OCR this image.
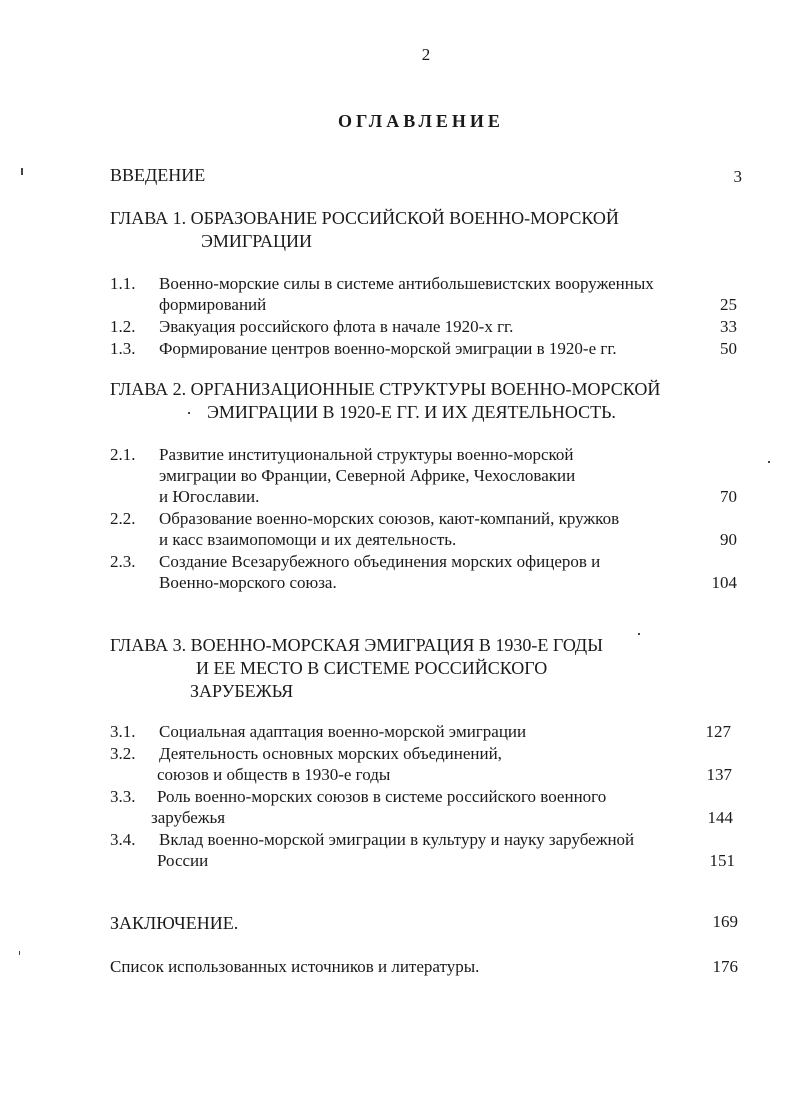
2
ОГЛАВЛЕНИЕ
ВВЕДЕНИЕ	3
ГЛАВА 1. ОБРАЗОВАНИЕ РОССИЙСКОЙ ВОЕННО-МОРСКОЙ
ЭМИГРАЦИИ
1.1.	Военно-морские силы в системе антибольшевистских вооруженных
формирований	25
1.2.	Эвакуация российского флота в начале 1920-х гг.	33
1.3.	Формирование центров военно-морской эмиграции в 1920-е гг.	50
ГЛАВА 2. ОРГАНИЗАЦИОННЫЕ СТРУКТУРЫ ВОЕННО-МОРСКОЙ
ЭМИГРАЦИИ В 1920-Е ГГ. И ИХ ДЕЯТЕЛЬНОСТЬ.
2.1.	Развитие институциональной структуры военно-морской
эмиграции во Франции, Северной Африке, Чехословакии
и Югославии.	70
2.2.	Образование военно-морских союзов, кают-компаний, кружков
и касс взаимопомощи и их деятельность.	90
2.3.	Создание Всезарубежного объединения морских офицеров и
Военно-морского союза.	104
ГЛАВА 3. ВОЕННО-МОРСКАЯ ЭМИГРАЦИЯ В 1930-Е ГОДЫ
И ЕЕ МЕСТО В СИСТЕМЕ РОССИЙСКОГО
ЗАРУБЕЖЬЯ
3.1.	Социальная адаптация военно-морской эмиграции	127
3.2.	Деятельность основных морских объединений,
союзов и обществ в 1930-е годы	137
3.3.	Роль военно-морских союзов в системе российского военного
зарубежья	144
3.4.	Вклад военно-морской эмиграции в культуру и науку зарубежной
России	151
ЗАКЛЮЧЕНИЕ.	169
Список использованных источников и литературы.	176
